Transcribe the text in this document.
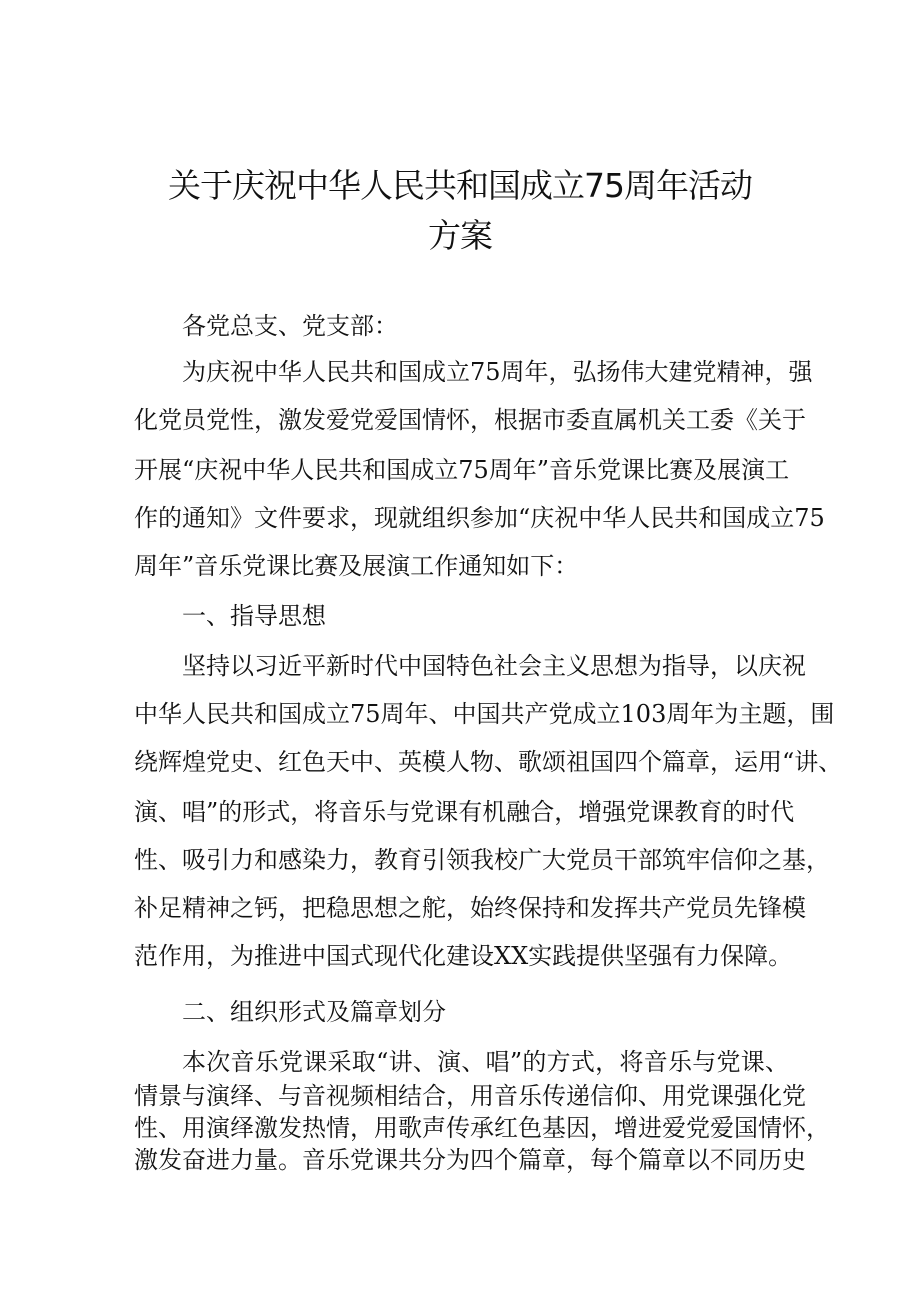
关于庆祝中华人民共和国成立75周年活动
方案

各党总支、党支部：

为庆祝中华人民共和国成立75周年，弘扬伟大建党精神，强

化党员党性，激发爱党爱国情怀，根据市委直属机关工委《关于

开展“庆祝中华人民共和国成立75周年”音乐党课比赛及展演工

作的通知》文件要求，现就组织参加“庆祝中华人民共和国成立75

周年”音乐党课比赛及展演工作通知如下：

一、指导思想

坚持以习近平新时代中国特色社会主义思想为指导，以庆祝

中华人民共和国成立75周年、中国共产党成立103周年为主题，围

绕辉煌党史、红色天中、英模人物、歌颂祖国四个篇章，运用“讲、

演、唱”的形式，将音乐与党课有机融合，增强党课教育的时代

性、吸引力和感染力，教育引领我校广大党员干部筑牢信仰之基，

补足精神之钙，把稳思想之舵，始终保持和发挥共产党员先锋模

范作用，为推进中国式现代化建设XX实践提供坚强有力保障。

二、组织形式及篇章划分

本次音乐党课采取“讲、演、唱”的方式，将音乐与党课、

情景与演绎、与音视频相结合，用音乐传递信仰、用党课强化党

性、用演绎激发热情，用歌声传承红色基因，增进爱党爱国情怀，

激发奋进力量。音乐党课共分为四个篇章，每个篇章以不同历史
